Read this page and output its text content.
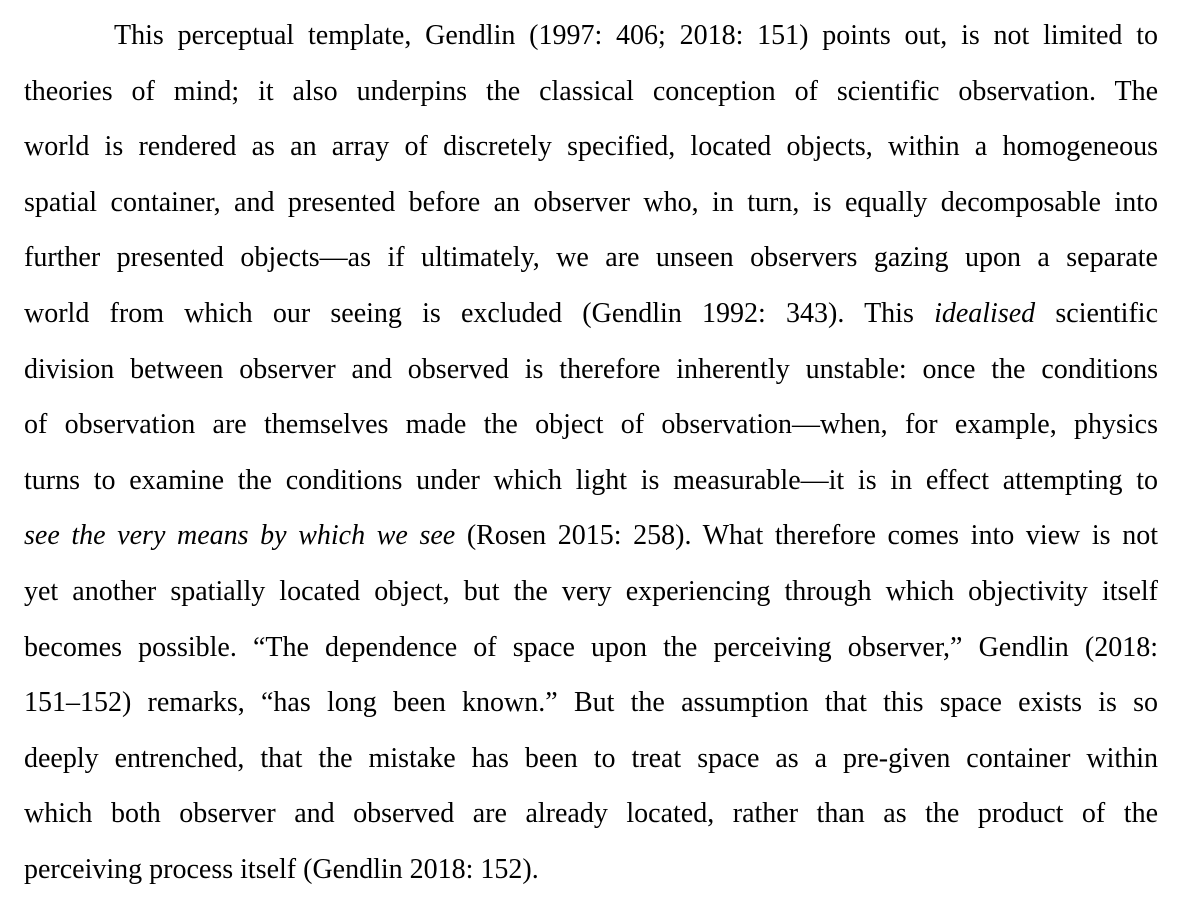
This perceptual template, Gendlin (1997: 406; 2018: 151) points out, is not limited to
theories of mind; it also underpins the classical conception of scientific observation. The
world is rendered as an array of discretely specified, located objects, within a homogeneous
spatial container, and presented before an observer who, in turn, is equally decomposable into
further presented objects—as if ultimately, we are unseen observers gazing upon a separate
world from which our seeing is excluded (Gendlin 1992: 343). This idealised scientific
division between observer and observed is therefore inherently unstable: once the conditions
of observation are themselves made the object of observation—when, for example, physics
turns to examine the conditions under which light is measurable—it is in effect attempting to
see the very means by which we see (Rosen 2015: 258). What therefore comes into view is not
yet another spatially located object, but the very experiencing through which objectivity itself
becomes possible. “The dependence of space upon the perceiving observer,” Gendlin (2018:
151–152) remarks, “has long been known.” But the assumption that this space exists is so
deeply entrenched, that the mistake has been to treat space as a pre-given container within
which both observer and observed are already located, rather than as the product of the
perceiving process itself (Gendlin 2018: 152).
